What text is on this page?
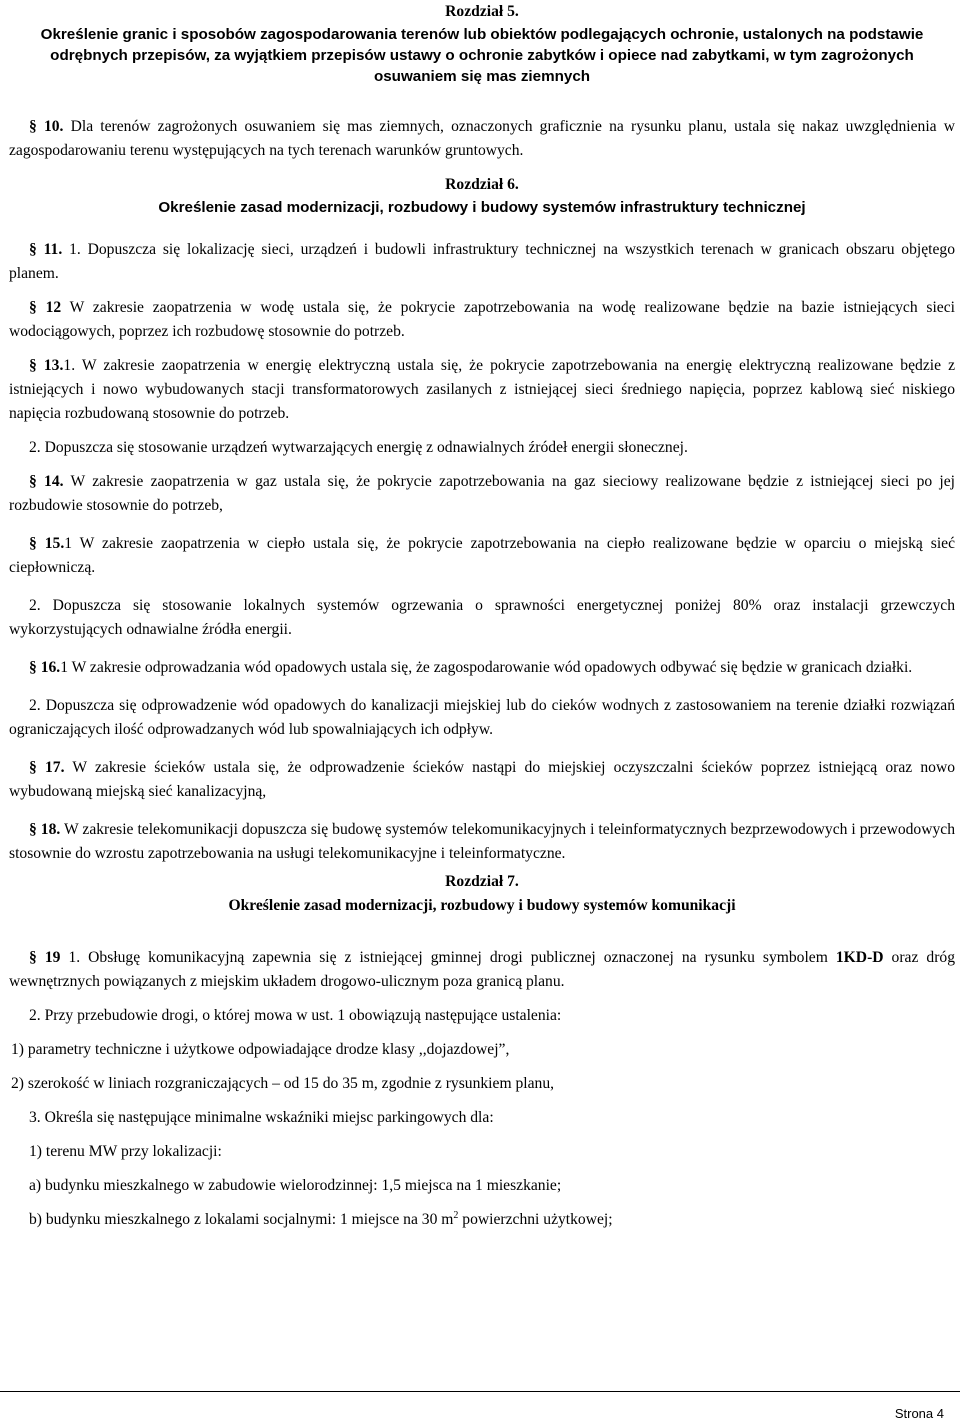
Rozdział 5.

Określenie granic i sposobów zagospodarowania terenów lub obiektów podlegających ochronie, ustalonych na podstawie odrębnych przepisów, za wyjątkiem przepisów ustawy o ochronie zabytków i opiece nad zabytkami, w tym zagrożonych osuwaniem się mas ziemnych

§ 10. Dla terenów zagrożonych osuwaniem się mas ziemnych, oznaczonych graficznie na rysunku planu, ustala się nakaz uwzględnienia w zagospodarowaniu terenu występujących na tych terenach warunków gruntowych.

Rozdział 6.

Określenie zasad modernizacji, rozbudowy i budowy systemów infrastruktury technicznej

§ 11. 1. Dopuszcza się lokalizację sieci, urządzeń i budowli infrastruktury technicznej na wszystkich terenach w granicach obszaru objętego planem.

§ 12 W zakresie zaopatrzenia w wodę ustala się, że pokrycie zapotrzebowania na wodę realizowane będzie na bazie istniejących sieci wodociągowych, poprzez ich rozbudowę stosownie do potrzeb.

§ 13.1. W zakresie zaopatrzenia w energię elektryczną ustala się, że pokrycie zapotrzebowania na energię elektryczną realizowane będzie z istniejących i nowo wybudowanych stacji transformatorowych zasilanych z istniejącej sieci średniego napięcia, poprzez kablową sieć niskiego napięcia rozbudowaną stosownie do potrzeb.

2. Dopuszcza się stosowanie urządzeń wytwarzających energię z odnawialnych źródeł energii słonecznej.

§ 14. W zakresie zaopatrzenia w gaz ustala się, że pokrycie zapotrzebowania na gaz sieciowy realizowane będzie z istniejącej sieci po jej rozbudowie stosownie do potrzeb,

§ 15.1 W zakresie zaopatrzenia w ciepło ustala się, że pokrycie zapotrzebowania na ciepło realizowane będzie w oparciu o miejską sieć ciepłowniczą.

2. Dopuszcza się stosowanie lokalnych systemów ogrzewania o sprawności energetycznej poniżej 80% oraz instalacji grzewczych wykorzystujących odnawialne źródła energii.

§ 16.1 W zakresie odprowadzania wód opadowych ustala się, że zagospodarowanie wód opadowych odbywać się będzie w granicach działki.

2. Dopuszcza się odprowadzenie wód opadowych do kanalizacji miejskiej lub do cieków wodnych z zastosowaniem na terenie działki rozwiązań ograniczających ilość odprowadzanych wód lub spowalniających ich odpływ.

§ 17. W zakresie ścieków ustala się, że odprowadzenie ścieków nastąpi do miejskiej oczyszczalni ścieków poprzez istniejącą oraz nowo wybudowaną miejską sieć kanalizacyjną,

§ 18. W zakresie telekomunikacji dopuszcza się budowę systemów telekomunikacyjnych i teleinformatycznych bezprzewodowych i przewodowych stosownie do wzrostu zapotrzebowania na usługi telekomunikacyjne i teleinformatyczne.

Rozdział 7.

Określenie zasad modernizacji, rozbudowy i budowy systemów komunikacji

§ 19 1. Obsługę komunikacyjną zapewnia się z istniejącej gminnej drogi publicznej oznaczonej na rysunku symbolem 1KD-D oraz dróg wewnętrznych powiązanych z miejskim układem drogowo-ulicznym poza granicą planu.

2. Przy przebudowie drogi, o której mowa w ust. 1 obowiązują następujące ustalenia:

1) parametry techniczne i użytkowe odpowiadające drodze klasy ,,dojazdowej”,

2) szerokość w liniach rozgraniczających – od 15 do 35 m, zgodnie z rysunkiem planu,

3. Określa się następujące minimalne wskaźniki miejsc parkingowych dla:

1) terenu MW przy lokalizacji:

a) budynku mieszkalnego w zabudowie wielorodzinnej: 1,5 miejsca na 1 mieszkanie;

b) budynku mieszkalnego z lokalami socjalnymi: 1 miejsce na 30 $m^2$ powierzchni użytkowej;

Strona 4
